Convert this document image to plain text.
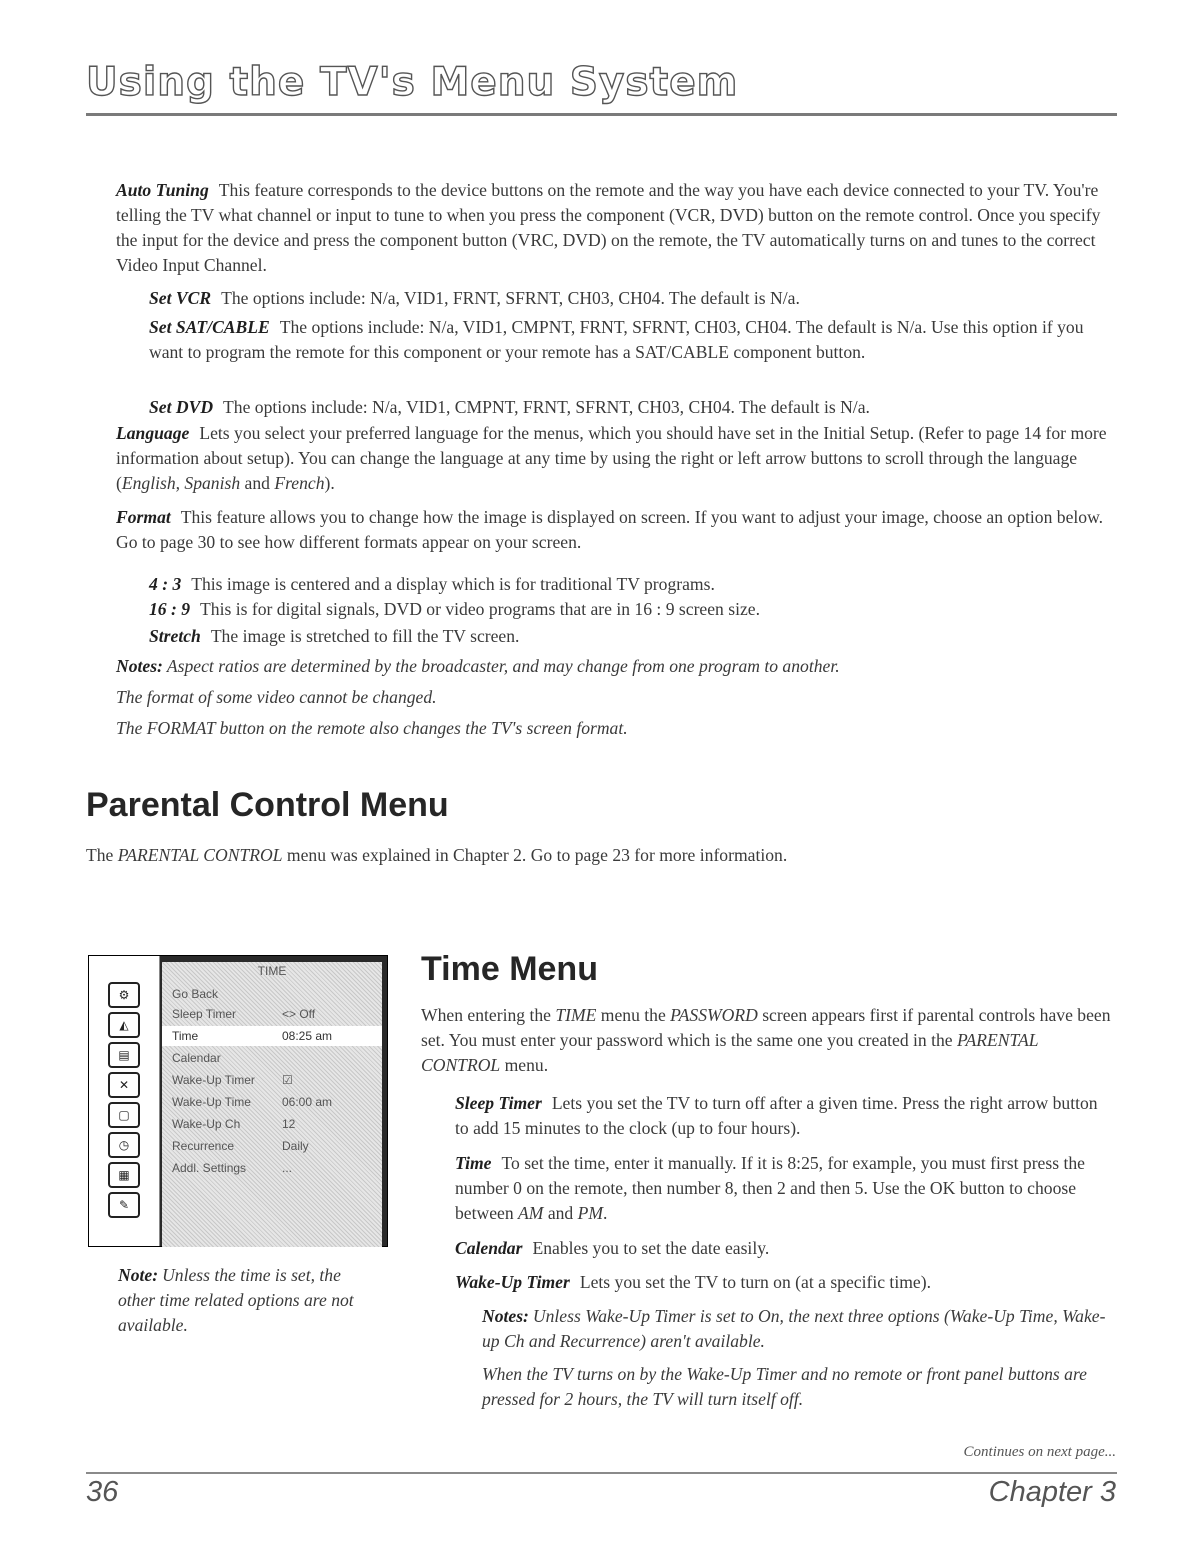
Using the TV's Menu System
Auto Tuning This feature corresponds to the device buttons on the remote and the way you have each device connected to your TV. You're telling the TV what channel or input to tune to when you press the component (VCR, DVD) button on the remote control. Once you specify the input for the device and press the component button (VRC, DVD) on the remote, the TV automatically turns on and tunes to the correct Video Input Channel.
Set VCR The options include: N/a, VID1, FRNT, SFRNT, CH03, CH04. The default is N/a.
Set SAT/CABLE The options include: N/a, VID1, CMPNT, FRNT, SFRNT, CH03, CH04. The default is N/a. Use this option if you want to program the remote for this component or your remote has a SAT/CABLE component button.
Set DVD The options include: N/a, VID1, CMPNT, FRNT, SFRNT, CH03, CH04. The default is N/a.
Language Lets you select your preferred language for the menus, which you should have set in the Initial Setup. (Refer to page 14 for more information about setup). You can change the language at any time by using the right or left arrow buttons to scroll through the language (English, Spanish and French).
Format This feature allows you to change how the image is displayed on screen. If you want to adjust your image, choose an option below. Go to page 30 to see how different formats appear on your screen.
4 : 3 This image is centered and a display which is for traditional TV programs.
16 : 9 This is for digital signals, DVD or video programs that are in 16 : 9 screen size.
Stretch The image is stretched to fill the TV screen.
Notes: Aspect ratios are determined by the broadcaster, and may change from one program to another.
The format of some video cannot be changed.
The FORMAT button on the remote also changes the TV's screen format.
Parental Control Menu
The PARENTAL CONTROL menu was explained in Chapter 2. Go to page 23 for more information.
⚙
◭
▤
✕
▢
◷
▦
✎
TIME
Go Back
Sleep Timer	<> Off
Time	08:25 am
Calendar
Wake-Up Timer ☑
Wake-Up Time	06:00 am
Wake-Up Ch	12
Recurrence	Daily
Addl. Settings	...
Note: Unless the time is set, the other time related options are not available.
Time Menu
When entering the TIME menu the PASSWORD screen appears first if parental controls have been set. You must enter your password which is the same one you created in the PARENTAL CONTROL menu.
Sleep Timer Lets you set the TV to turn off after a given time. Press the right arrow button to add 15 minutes to the clock (up to four hours).
Time To set the time, enter it manually. If it is 8:25, for example, you must first press the number 0 on the remote, then number 8, then 2 and then 5. Use the OK button to choose between AM and PM.
Calendar Enables you to set the date easily.
Wake-Up Timer Lets you set the TV to turn on (at a specific time).
Notes: Unless Wake-Up Timer is set to On, the next three options (Wake-Up Time, Wake-up Ch and Recurrence) aren't available.
When the TV turns on by the Wake-Up Timer and no remote or front panel buttons are pressed for 2 hours, the TV will turn itself off.
Continues on next page...
36	Chapter 3
